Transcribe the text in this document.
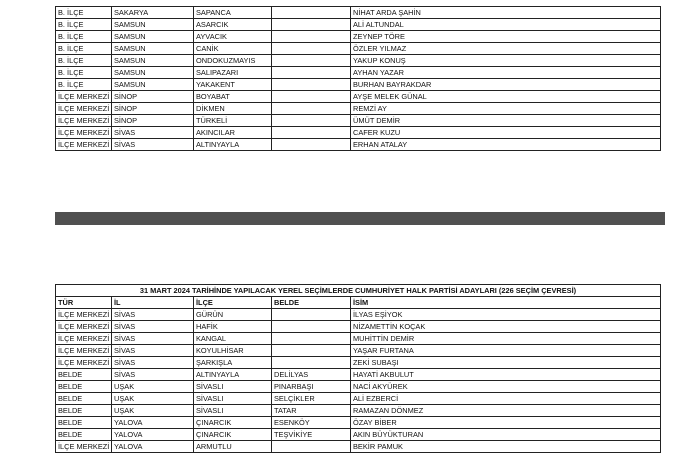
B. İLÇE	SAKARYA	SAPANCA		NİHAT ARDA ŞAHİN
B. İLÇE	SAMSUN	ASARCIK		ALİ ALTUNDAL
B. İLÇE	SAMSUN	AYVACIK		ZEYNEP TÖRE
B. İLÇE	SAMSUN	CANİK		ÖZLER YILMAZ
B. İLÇE	SAMSUN	ONDOKUZMAYIS		YAKUP KONUŞ
B. İLÇE	SAMSUN	SALIPAZARI		AYHAN YAZAR
B. İLÇE	SAMSUN	YAKAKENT		BURHAN BAYRAKDAR
İLÇE MERKEZİ	SİNOP	BOYABAT		AYŞE MELEK GÜNAL
İLÇE MERKEZİ	SİNOP	DİKMEN		REMZİ AY
İLÇE MERKEZİ	SİNOP	TÜRKELİ		ÜMÜT DEMİR
İLÇE MERKEZİ	SİVAS	AKINCILAR		CAFER KUZU
İLÇE MERKEZİ	SİVAS	ALTINYAYLA		ERHAN ATALAY
31 MART 2024 TARİHİNDE YAPILACAK YEREL SEÇİMLERDE CUMHURİYET HALK PARTİSİ ADAYLARI (226 SEÇİM ÇEVRESİ)				
TÜR	İL	İLÇE	BELDE	İSİM
İLÇE MERKEZİ	SİVAS	GÜRÜN		İLYAS EŞİYOK
İLÇE MERKEZİ	SİVAS	HAFİK		NİZAMETTİN KOÇAK
İLÇE MERKEZİ	SİVAS	KANGAL		MUHİTTİN DEMİR
İLÇE MERKEZİ	SİVAS	KOYULHİSAR		YAŞAR FURTANA
İLÇE MERKEZİ	SİVAS	ŞARKIŞLA		ZEKİ SUBAŞI
BELDE	SİVAS	ALTINYAYLA	DELİLYAS	HAYATİ AKBULUT
BELDE	UŞAK	SİVASLI	PINARBAŞI	NACİ AKYÜREK
BELDE	UŞAK	SİVASLI	SELÇİKLER	ALİ EZBERCİ
BELDE	UŞAK	SİVASLI	TATAR	RAMAZAN DÖNMEZ
BELDE	YALOVA	ÇINARCIK	ESENKÖY	ÖZAY BİBER
BELDE	YALOVA	ÇINARCIK	TEŞVİKİYE	AKIN BÜYÜKTURAN
İLÇE MERKEZİ	YALOVA	ARMUTLU		BEKİR PAMUK
